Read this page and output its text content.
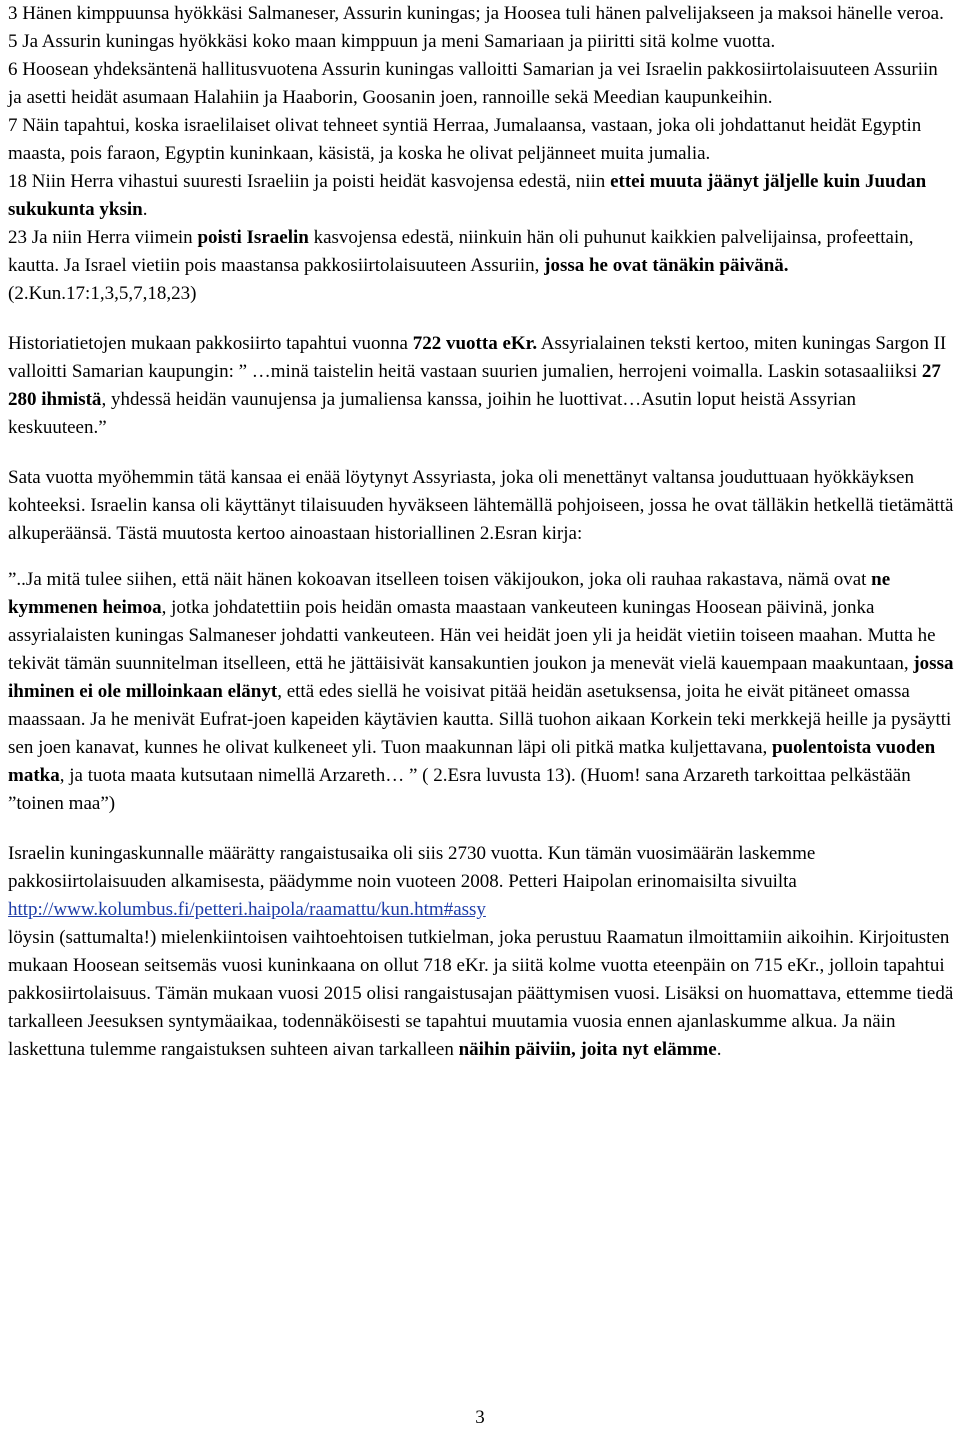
3 Hänen kimppuunsa hyökkäsi Salmaneser, Assurin kuningas; ja Hoosea tuli hänen palvelijakseen ja maksoi hänelle veroa.

5 Ja Assurin kuningas hyökkäsi koko maan kimppuun ja meni Samariaan ja piiritti sitä kolme vuotta.

6 Hoosean yhdeksäntenä hallitusvuotena Assurin kuningas valloitti Samarian ja vei Israelin pakkosiirtolaisuuteen Assuriin ja asetti heidät asumaan Halahiin ja Haaborin, Goosanin joen, rannoille sekä Meedian kaupunkeihin.

7 Näin tapahtui, koska israelilaiset olivat tehneet syntiä Herraa, Jumalaansa, vastaan, joka oli johdattanut heidät Egyptin maasta, pois faraon, Egyptin kuninkaan, käsistä, ja koska he olivat peljänneet muita jumalia.

18 Niin Herra vihastui suuresti Israeliin ja poisti heidät kasvojensa edestä, niin ettei muuta jäänyt jäljelle kuin Juudan sukukunta yksin.

23 Ja niin Herra viimein poisti Israelin kasvojensa edestä, niinkuin hän oli puhunut kaikkien palvelijainsa, profeettain, kautta. Ja Israel vietiin pois maastansa pakkosiirtolaisuuteen Assuriin, jossa he ovat tänäkin päivänä. (2.Kun.17:1,3,5,7,18,23)

Historiatietojen mukaan pakkosiirto tapahtui vuonna 722 vuotta eKr. Assyrialainen teksti kertoo, miten kuningas Sargon II valloitti Samarian kaupungin: ” …minä taistelin heitä vastaan suurien jumalien, herrojeni voimalla. Laskin sotasaaliiksi 27 280 ihmistä, yhdessä heidän vaunujensa ja jumaliensa kanssa, joihin he luottivat…Asutin loput heistä Assyrian keskuuteen.”

Sata vuotta myöhemmin tätä kansaa ei enää löytynyt Assyriasta, joka oli menettänyt valtansa jouduttuaan hyökkäyksen kohteeksi. Israelin kansa oli käyttänyt tilaisuuden hyväkseen lähtemällä pohjoiseen, jossa he ovat tälläkin hetkellä tietämättä alkuperäänsä. Tästä muutosta kertoo ainoastaan historiallinen 2.Esran kirja:

”..Ja mitä tulee siihen, että näit hänen kokoavan itselleen toisen väkijoukon, joka oli rauhaa rakastava, nämä ovat ne kymmenen heimoa, jotka johdatettiin pois heidän omasta maastaan vankeuteen kuningas Hoosean päivinä, jonka assyrialaisten kuningas Salmaneser johdatti vankeuteen. Hän vei heidät joen yli ja heidät vietiin toiseen maahan. Mutta he tekivät tämän suunnitelman itselleen, että he jättäisivät kansakuntien joukon ja menevät vielä kauempaan maakuntaan, jossa ihminen ei ole milloinkaan elänyt, että edes siellä he voisivat pitää heidän asetuksensa, joita he eivät pitäneet omassa maassaan. Ja he menivät Eufrat-joen kapeiden käytävien kautta. Sillä tuohon aikaan Korkein teki merkkejä heille ja pysäytti sen joen kanavat, kunnes he olivat kulkeneet yli. Tuon maakunnan läpi oli pitkä matka kuljettavana, puolentoista vuoden matka, ja tuota maata kutsutaan nimellä Arzareth… ” ( 2.Esra luvusta 13). (Huom! sana Arzareth tarkoittaa pelkästään ”toinen maa”)

Israelin kuningaskunnalle määrätty rangaistusaika oli siis 2730 vuotta. Kun tämän vuosimäärän laskemme pakkosiirtolaisuuden alkamisesta, päädymme noin vuoteen 2008. Petteri Haipolan erinomaisilta sivuilta
http://www.kolumbus.fi/petteri.haipola/raamattu/kun.htm#assy
löysin (sattumalta!) mielenkiintoisen vaihtoehtoisen tutkielman, joka perustuu Raamatun ilmoittamiin aikoihin. Kirjoitusten mukaan Hoosean seitsemäs vuosi kuninkaana on ollut 718 eKr. ja siitä kolme vuotta eteenpäin on 715 eKr., jolloin tapahtui pakkosiirtolaisuus. Tämän mukaan vuosi 2015 olisi rangaistusajan päättymisen vuosi. Lisäksi on huomattava, ettemme tiedä tarkalleen Jeesuksen syntymäaikaa, todennäköisesti se tapahtui muutamia vuosia ennen ajanlaskumme alkua. Ja näin laskettuna tulemme rangaistuksen suhteen aivan tarkalleen näihin päiviin, joita nyt elämme.

3
